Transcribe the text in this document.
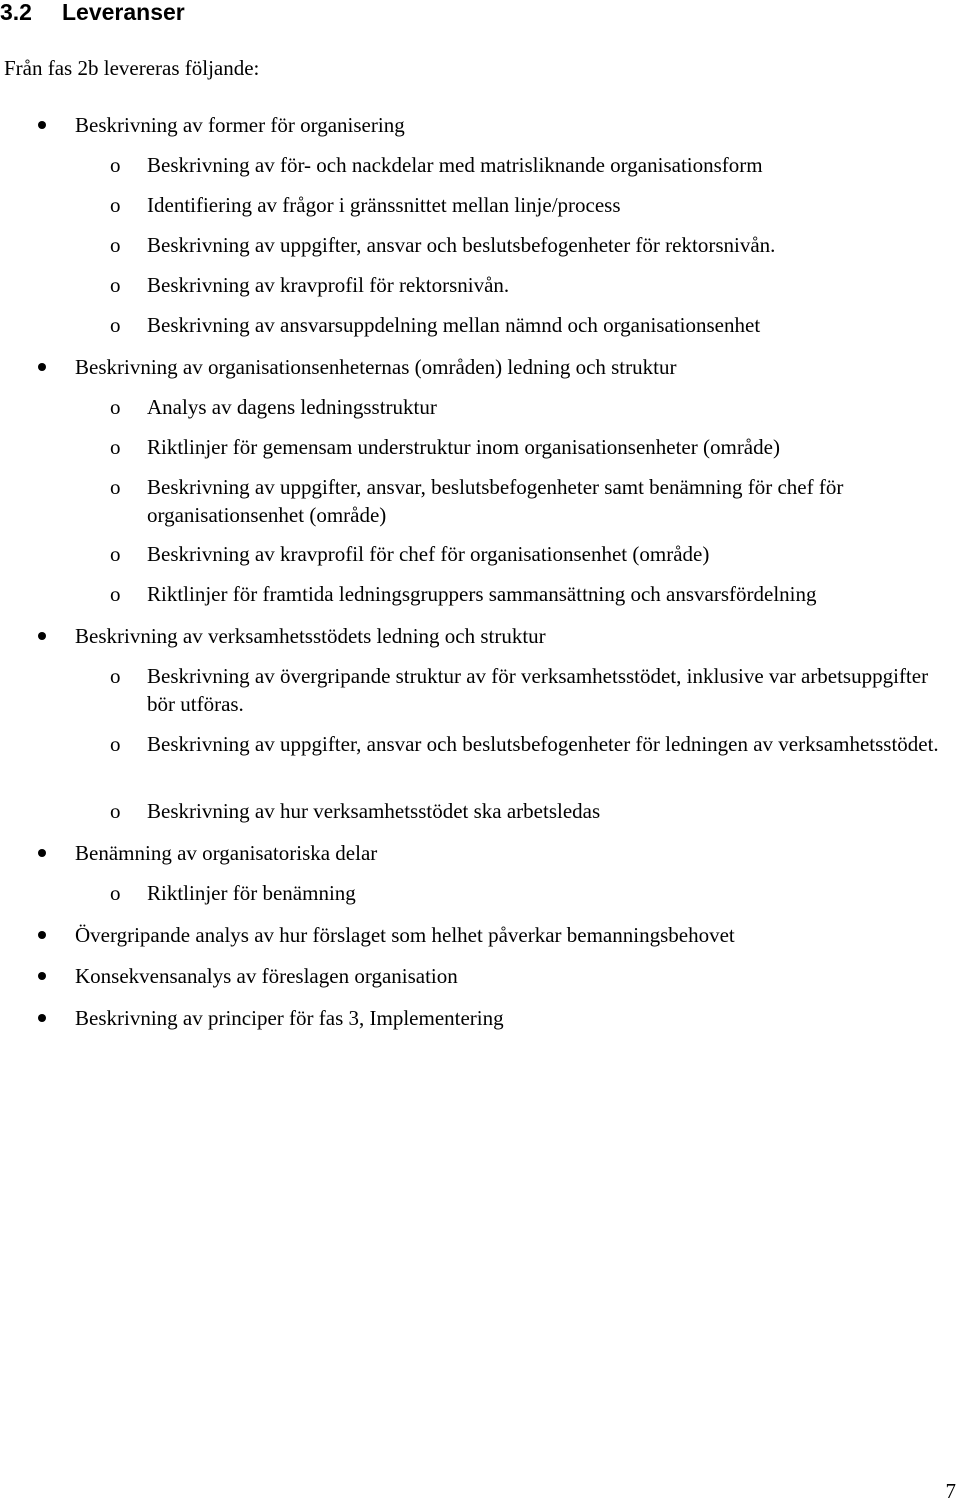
3.2 Leveranser

Från fas 2b levereras följande:

Beskrivning av former för organisering

o Beskrivning av för- och nackdelar med matrisliknande organisationsform

o Identifiering av frågor i gränssnittet mellan linje/process

o Beskrivning av uppgifter, ansvar och beslutsbefogenheter för rektorsnivån.

o Beskrivning av kravprofil för rektorsnivån.

o Beskrivning av ansvarsuppdelning mellan nämnd och organisationsenhet

Beskrivning av organisationsenheternas (områden) ledning och struktur

o Analys av dagens ledningsstruktur

o Riktlinjer för gemensam understruktur inom organisationsenheter (område)

o Beskrivning av uppgifter, ansvar, beslutsbefogenheter samt benämning för chef för organisationsenhet (område)

o Beskrivning av kravprofil för chef för organisationsenhet (område)

o Riktlinjer för framtida ledningsgruppers sammansättning och ansvarsfördelning

Beskrivning av verksamhetsstödets ledning och struktur

o Beskrivning av övergripande struktur av för verksamhetsstödet, inklusive var arbetsuppgifter bör utföras.

o Beskrivning av uppgifter, ansvar och beslutsbefogenheter för ledningen av verksamhetsstödet.

o Beskrivning av hur verksamhetsstödet ska arbetsledas

Benämning av organisatoriska delar

o Riktlinjer för benämning

Övergripande analys av hur förslaget som helhet påverkar bemanningsbehovet

Konsekvensanalys av föreslagen organisation

Beskrivning av principer för fas 3, Implementering

7
